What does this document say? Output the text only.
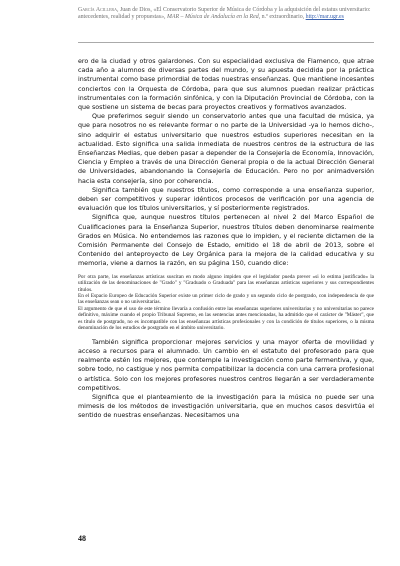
García Acillera, Juan de Dios, «El Conservatorio Superior de Música de Córdoba y la adquisición del estatus universitario: antecedentes, realidad y propuestas», MAR – Música de Andalucía en la Red, n.º extraordinario, http://mar.ugr.es

ero de la ciudad y otros galardones. Con su especialidad exclusiva de Flamenco, que atrae cada año a alumnos de diversas partes del mundo, y su apuesta decidida por la práctica instrumental como base primordial de todas nuestras enseñanzas. Que mantiene incesantes conciertos con la Orquesta de Córdoba, para que sus alumnos puedan realizar prácticas instrumentales con la formación sinfónica, y con la Diputación Provincial de Córdoba, con la que sostiene un sistema de becas para proyectos creativos y formativos avanzados.

Que preferimos seguir siendo un conservatorio antes que una facultad de música, ya que para nosotros no es relevante formar o no parte de la Universidad -ya lo hemos dicho-, sino adquirir el estatus universitario que nuestros estudios superiores necesitan en la actualidad. Esto significa una salida inmediata de nuestros centros de la estructura de las Enseñanzas Medias, que deben pasar a depender de la Consejería de Economía, Innovación, Ciencia y Empleo a través de una Dirección General propia o de la actual Dirección General de Universidades, abandonando la Consejería de Educación. Pero no por animadversión hacia esta consejería, sino por coherencia.

Significa también que nuestros títulos, como corresponde a una enseñanza superior, deben ser competitivos y superar idénticos procesos de verificación por una agencia de evaluación que los títulos universitarios, y sí posteriormente registrados.

Significa que, aunque nuestros títulos pertenecen al nivel 2 del Marco Español de Cualificaciones para la Enseñanza Superior, nuestros títulos deben denominarse realmente Grados en Música. No entendemos las razones que lo impiden, y el reciente dictamen de la Comisión Permanente del Consejo de Estado, emitido el 18 de abril de 2013, sobre el Contenido del anteproyecto de Ley Orgánica para la mejora de la calidad educativa y su memoria, viene a darnos la razón, en su página 150, cuando dice:

Por otra parte, las enseñanzas artísticas suscitan en modo alguno impiden que el legislador pueda prever «si lo estima justificado» la utilización de las denominaciones de "Grado" y "Graduado o Graduada" para las enseñanzas artísticas superiores y sus correspondientes títulos.

En el Espacio Europeo de Educación Superior existe un primer ciclo de grado y un segundo ciclo de postgrado, con independencia de que las enseñanzas sean o no universitarias.

El argumento de que el uso de este término llevaría a confusión entre las enseñanzas superiores universitarias y no universitarias no parece definitivo, máxime cuando el propio Tribunal Supremo, en las sentencias antes mencionadas, ha admitido que el carácter de "Máster", que es título de postgrado, no es incompatible con las enseñanzas artísticas profesionales y con la condición de títulos superiores, o la misma denominación de los estudios de postgrado en el ámbito universitario.

También significa proporcionar mejores servicios y una mayor oferta de movilidad y acceso a recursos para el alumnado. Un cambio en el estatuto del profesorado para que realmente estén los mejores, que contemple la investigación como parte fermentiva, y que, sobre todo, no castigue y nos permita compatibilizar la docencia con una carrera profesional o artística. Solo con los mejores profesores nuestros centros llegarán a ser verdaderamente competitivos.

Significa que el planteamiento de la investigación para la música no puede ser una mimesis de los métodos de investigación universitaria, que en muchos casos desvirtúa el sentido de nuestras enseñanzas. Necesitamos una

48
